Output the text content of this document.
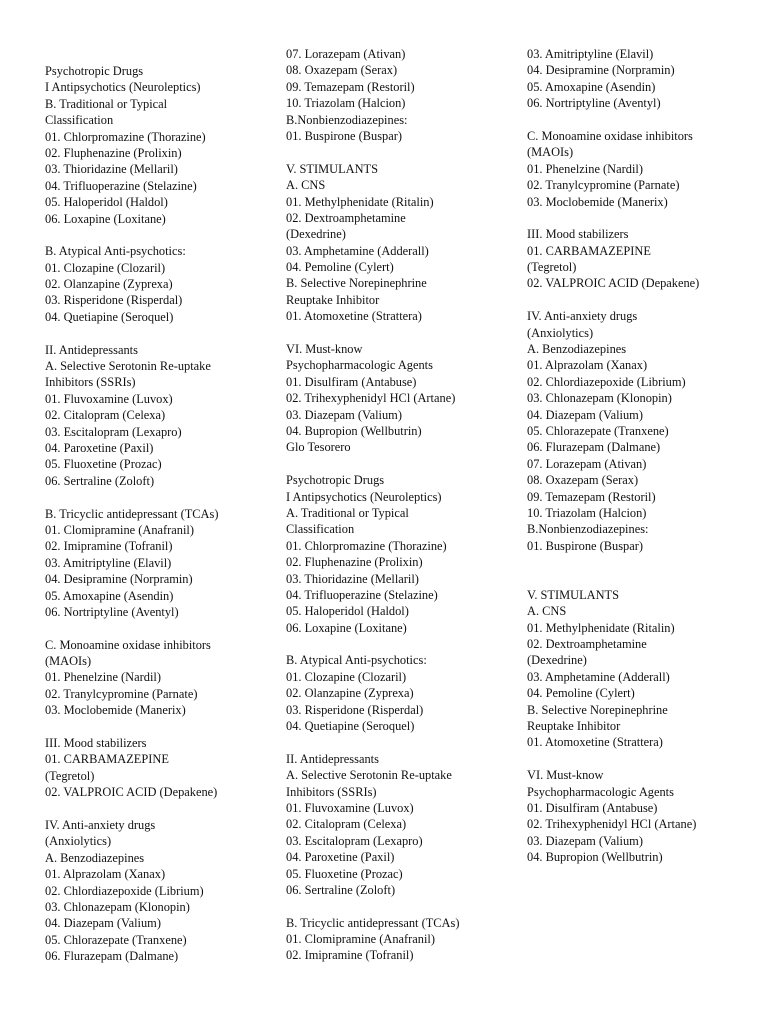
Psychotropic Drugs
I Antipsychotics (Neuroleptics)
B. Traditional or Typical
Classification
01. Chlorpromazine (Thorazine)
02. Fluphenazine (Prolixin)
03. Thioridazine (Mellaril)
04. Trifluoperazine (Stelazine)
05. Haloperidol (Haldol)
06. Loxapine (Loxitane)
B. Atypical Anti-psychotics:
01. Clozapine (Clozaril)
02. Olanzapine (Zyprexa)
03. Risperidone (Risperdal)
04. Quetiapine (Seroquel)
II. Antidepressants
A. Selective Serotonin Re-uptake
Inhibitors (SSRIs)
01. Fluvoxamine (Luvox)
02. Citalopram (Celexa)
03. Escitalopram (Lexapro)
04. Paroxetine (Paxil)
05. Fluoxetine (Prozac)
06. Sertraline (Zoloft)
B. Tricyclic antidepressant (TCAs)
01. Clomipramine (Anafranil)
02. Imipramine (Tofranil)
03. Amitriptyline (Elavil)
04. Desipramine (Norpramin)
05. Amoxapine (Asendin)
06. Nortriptyline (Aventyl)
C. Monoamine oxidase inhibitors
(MAOIs)
01. Phenelzine (Nardil)
02. Tranylcypromine (Parnate)
03. Moclobemide (Manerix)
III. Mood stabilizers
01. CARBAMAZEPINE
(Tegretol)
02. VALPROIC ACID (Depakene)
IV. Anti-anxiety drugs
(Anxiolytics)
A. Benzodiazepines
01. Alprazolam (Xanax)
02. Chlordiazepoxide (Librium)
03. Chlonazepam (Klonopin)
04. Diazepam (Valium)
05. Chlorazepate (Tranxene)
06. Flurazepam (Dalmane)
07. Lorazepam (Ativan)
08. Oxazepam (Serax)
09. Temazepam (Restoril)
10. Triazolam (Halcion)
B.Nonbienzodiazepines:
01. Buspirone (Buspar)
V. STIMULANTS
A. CNS
01. Methylphenidate (Ritalin)
02. Dextroamphetamine
(Dexedrine)
03. Amphetamine (Adderall)
04. Pemoline (Cylert)
B. Selective Norepinephrine
Reuptake Inhibitor
01. Atomoxetine (Strattera)
VI. Must-know
Psychopharmacologic Agents
01. Disulfiram (Antabuse)
02. Trihexyphenidyl HCl (Artane)
03. Diazepam (Valium)
04. Bupropion (Wellbutrin)
Glo Tesorero
Psychotropic Drugs
I Antipsychotics (Neuroleptics)
A. Traditional or Typical
Classification
01. Chlorpromazine (Thorazine)
02. Fluphenazine (Prolixin)
03. Thioridazine (Mellaril)
04. Trifluoperazine (Stelazine)
05. Haloperidol (Haldol)
06. Loxapine (Loxitane)
B. Atypical Anti-psychotics:
01. Clozapine (Clozaril)
02. Olanzapine (Zyprexa)
03. Risperidone (Risperdal)
04. Quetiapine (Seroquel)
II. Antidepressants
A. Selective Serotonin Re-uptake
Inhibitors (SSRIs)
01. Fluvoxamine (Luvox)
02. Citalopram (Celexa)
03. Escitalopram (Lexapro)
04. Paroxetine (Paxil)
05. Fluoxetine (Prozac)
06. Sertraline (Zoloft)
B. Tricyclic antidepressant (TCAs)
01. Clomipramine (Anafranil)
02. Imipramine (Tofranil)
03. Amitriptyline (Elavil)
04. Desipramine (Norpramin)
05. Amoxapine (Asendin)
06. Nortriptyline (Aventyl)
C. Monoamine oxidase inhibitors
(MAOIs)
01. Phenelzine (Nardil)
02. Tranylcypromine (Parnate)
03. Moclobemide (Manerix)
III. Mood stabilizers
01. CARBAMAZEPINE
(Tegretol)
02. VALPROIC ACID (Depakene)
IV. Anti-anxiety drugs
(Anxiolytics)
A. Benzodiazepines
01. Alprazolam (Xanax)
02. Chlordiazepoxide (Librium)
03. Chlonazepam (Klonopin)
04. Diazepam (Valium)
05. Chlorazepate (Tranxene)
06. Flurazepam (Dalmane)
07. Lorazepam (Ativan)
08. Oxazepam (Serax)
09. Temazepam (Restoril)
10. Triazolam (Halcion)
B.Nonbienzodiazepines:
01. Buspirone (Buspar)
V. STIMULANTS
A. CNS
01. Methylphenidate (Ritalin)
02. Dextroamphetamine
(Dexedrine)
03. Amphetamine (Adderall)
04. Pemoline (Cylert)
B. Selective Norepinephrine
Reuptake Inhibitor
01. Atomoxetine (Strattera)
VI. Must-know
Psychopharmacologic Agents
01. Disulfiram (Antabuse)
02. Trihexyphenidyl HCl (Artane)
03. Diazepam (Valium)
04. Bupropion (Wellbutrin)
